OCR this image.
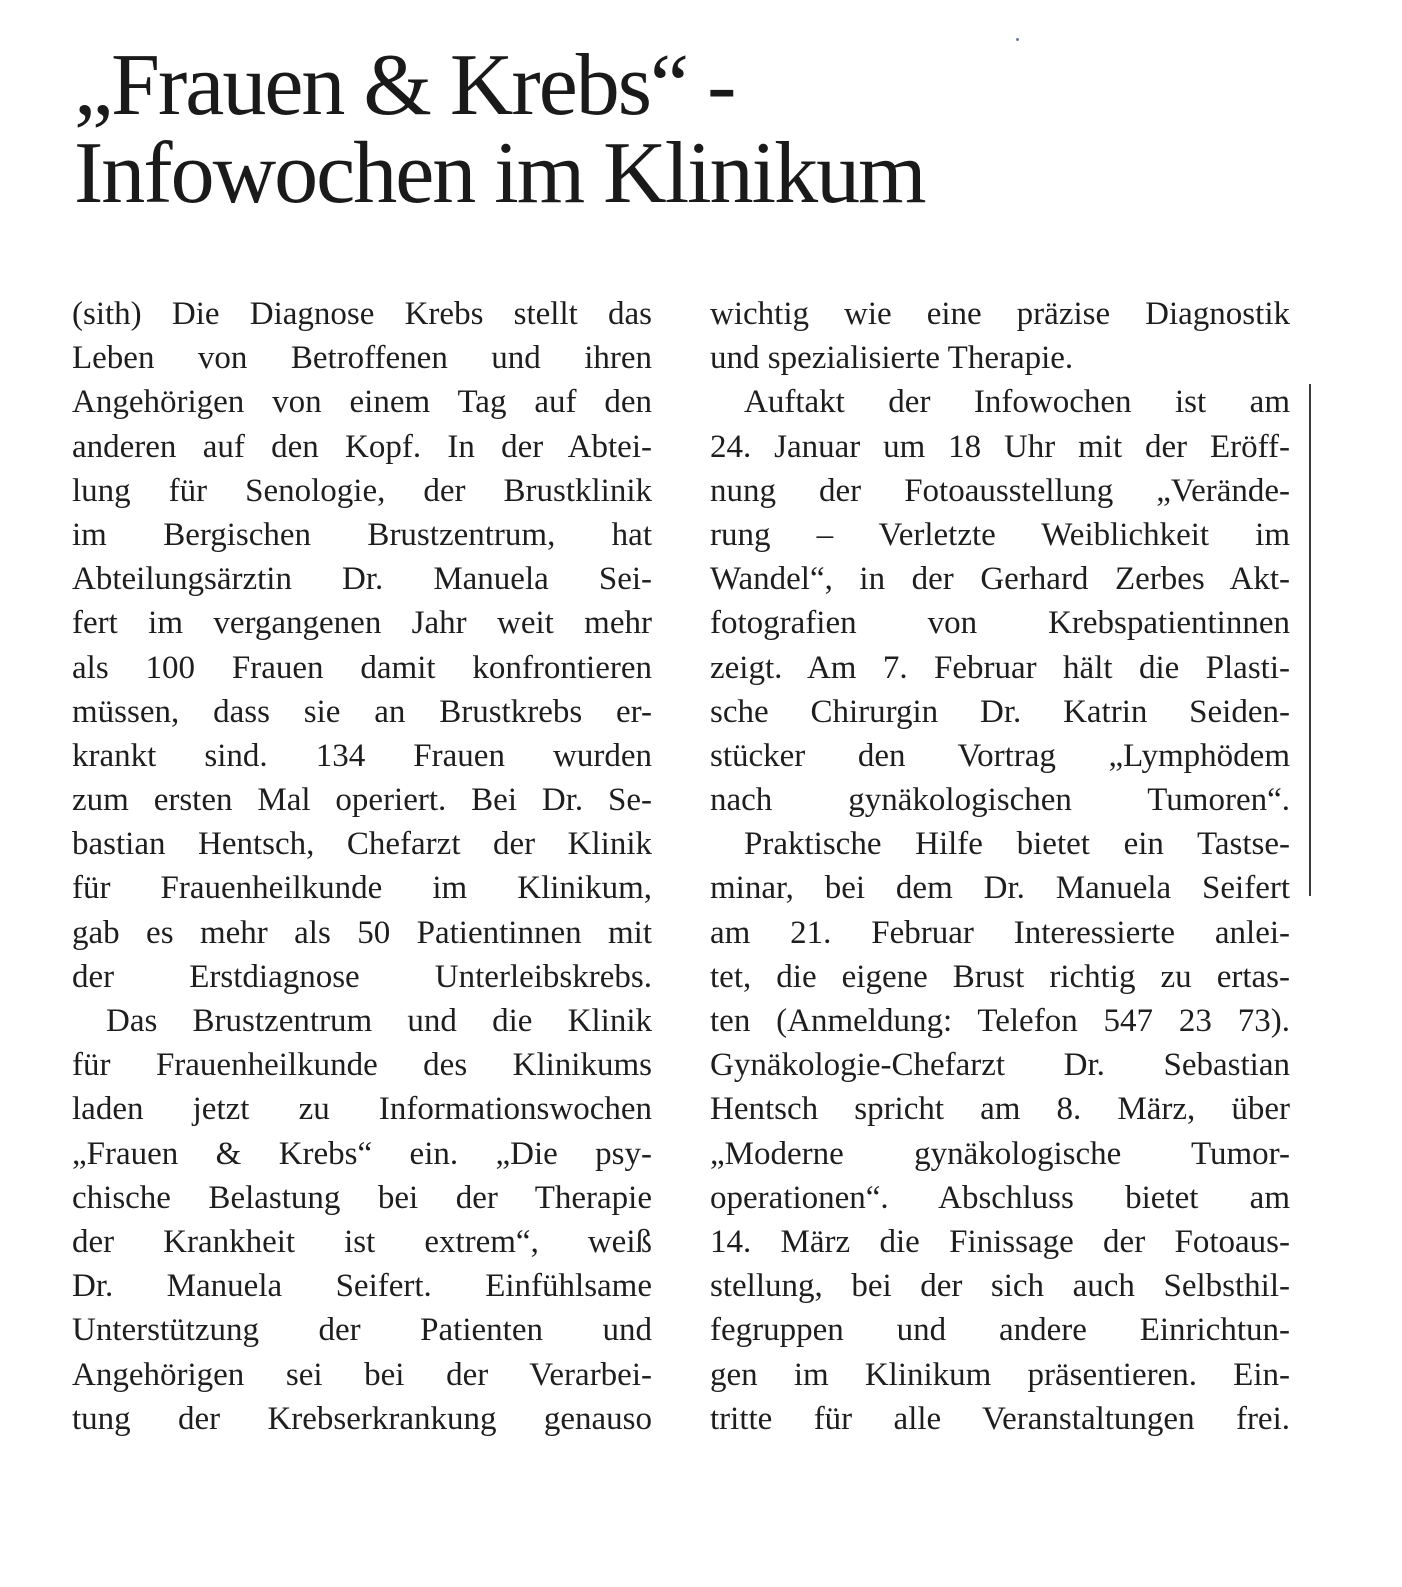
„Frauen & Krebs“ -
Infowochen im Klinikum
(sith) Die Diagnose Krebs stellt das
Leben von Betroffenen und ihren
Angehörigen von einem Tag auf den
anderen auf den Kopf. In der Abtei-
lung für Senologie, der Brustklinik
im Bergischen Brustzentrum, hat
Abteilungsärztin Dr. Manuela Sei-
fert im vergangenen Jahr weit mehr
als 100 Frauen damit konfrontieren
müssen, dass sie an Brustkrebs er-
krankt sind. 134 Frauen wurden
zum ersten Mal operiert. Bei Dr. Se-
bastian Hentsch, Chefarzt der Klinik
für Frauenheilkunde im Klinikum,
gab es mehr als 50 Patientinnen mit
der Erstdiagnose Unterleibskrebs.
Das Brustzentrum und die Klinik
für Frauenheilkunde des Klinikums
laden jetzt zu Informationswochen
„Frauen & Krebs“ ein. „Die psy-
chische Belastung bei der Therapie
der Krankheit ist extrem“, weiß
Dr. Manuela Seifert. Einfühlsame
Unterstützung der Patienten und
Angehörigen sei bei der Verarbei-
tung der Krebserkrankung genauso
wichtig wie eine präzise Diagnostik
und spezialisierte Therapie.
Auftakt der Infowochen ist am
24. Januar um 18 Uhr mit der Eröff-
nung der Fotoausstellung „Verände-
rung – Verletzte Weiblichkeit im
Wandel“, in der Gerhard Zerbes Akt-
fotografien von Krebspatientinnen
zeigt. Am 7. Februar hält die Plasti-
sche Chirurgin Dr. Katrin Seiden-
stücker den Vortrag „Lymphödem
nach gynäkologischen Tumoren“.
Praktische Hilfe bietet ein Tastse-
minar, bei dem Dr. Manuela Seifert
am 21. Februar Interessierte anlei-
tet, die eigene Brust richtig zu ertas-
ten (Anmeldung: Telefon 547 23 73).
Gynäkologie-Chefarzt Dr. Sebastian
Hentsch spricht am 8. März, über
„Moderne gynäkologische Tumor-
operationen“. Abschluss bietet am
14. März die Finissage der Fotoaus-
stellung, bei der sich auch Selbsthil-
fegruppen und andere Einrichtun-
gen im Klinikum präsentieren. Ein-
tritte für alle Veranstaltungen frei.
